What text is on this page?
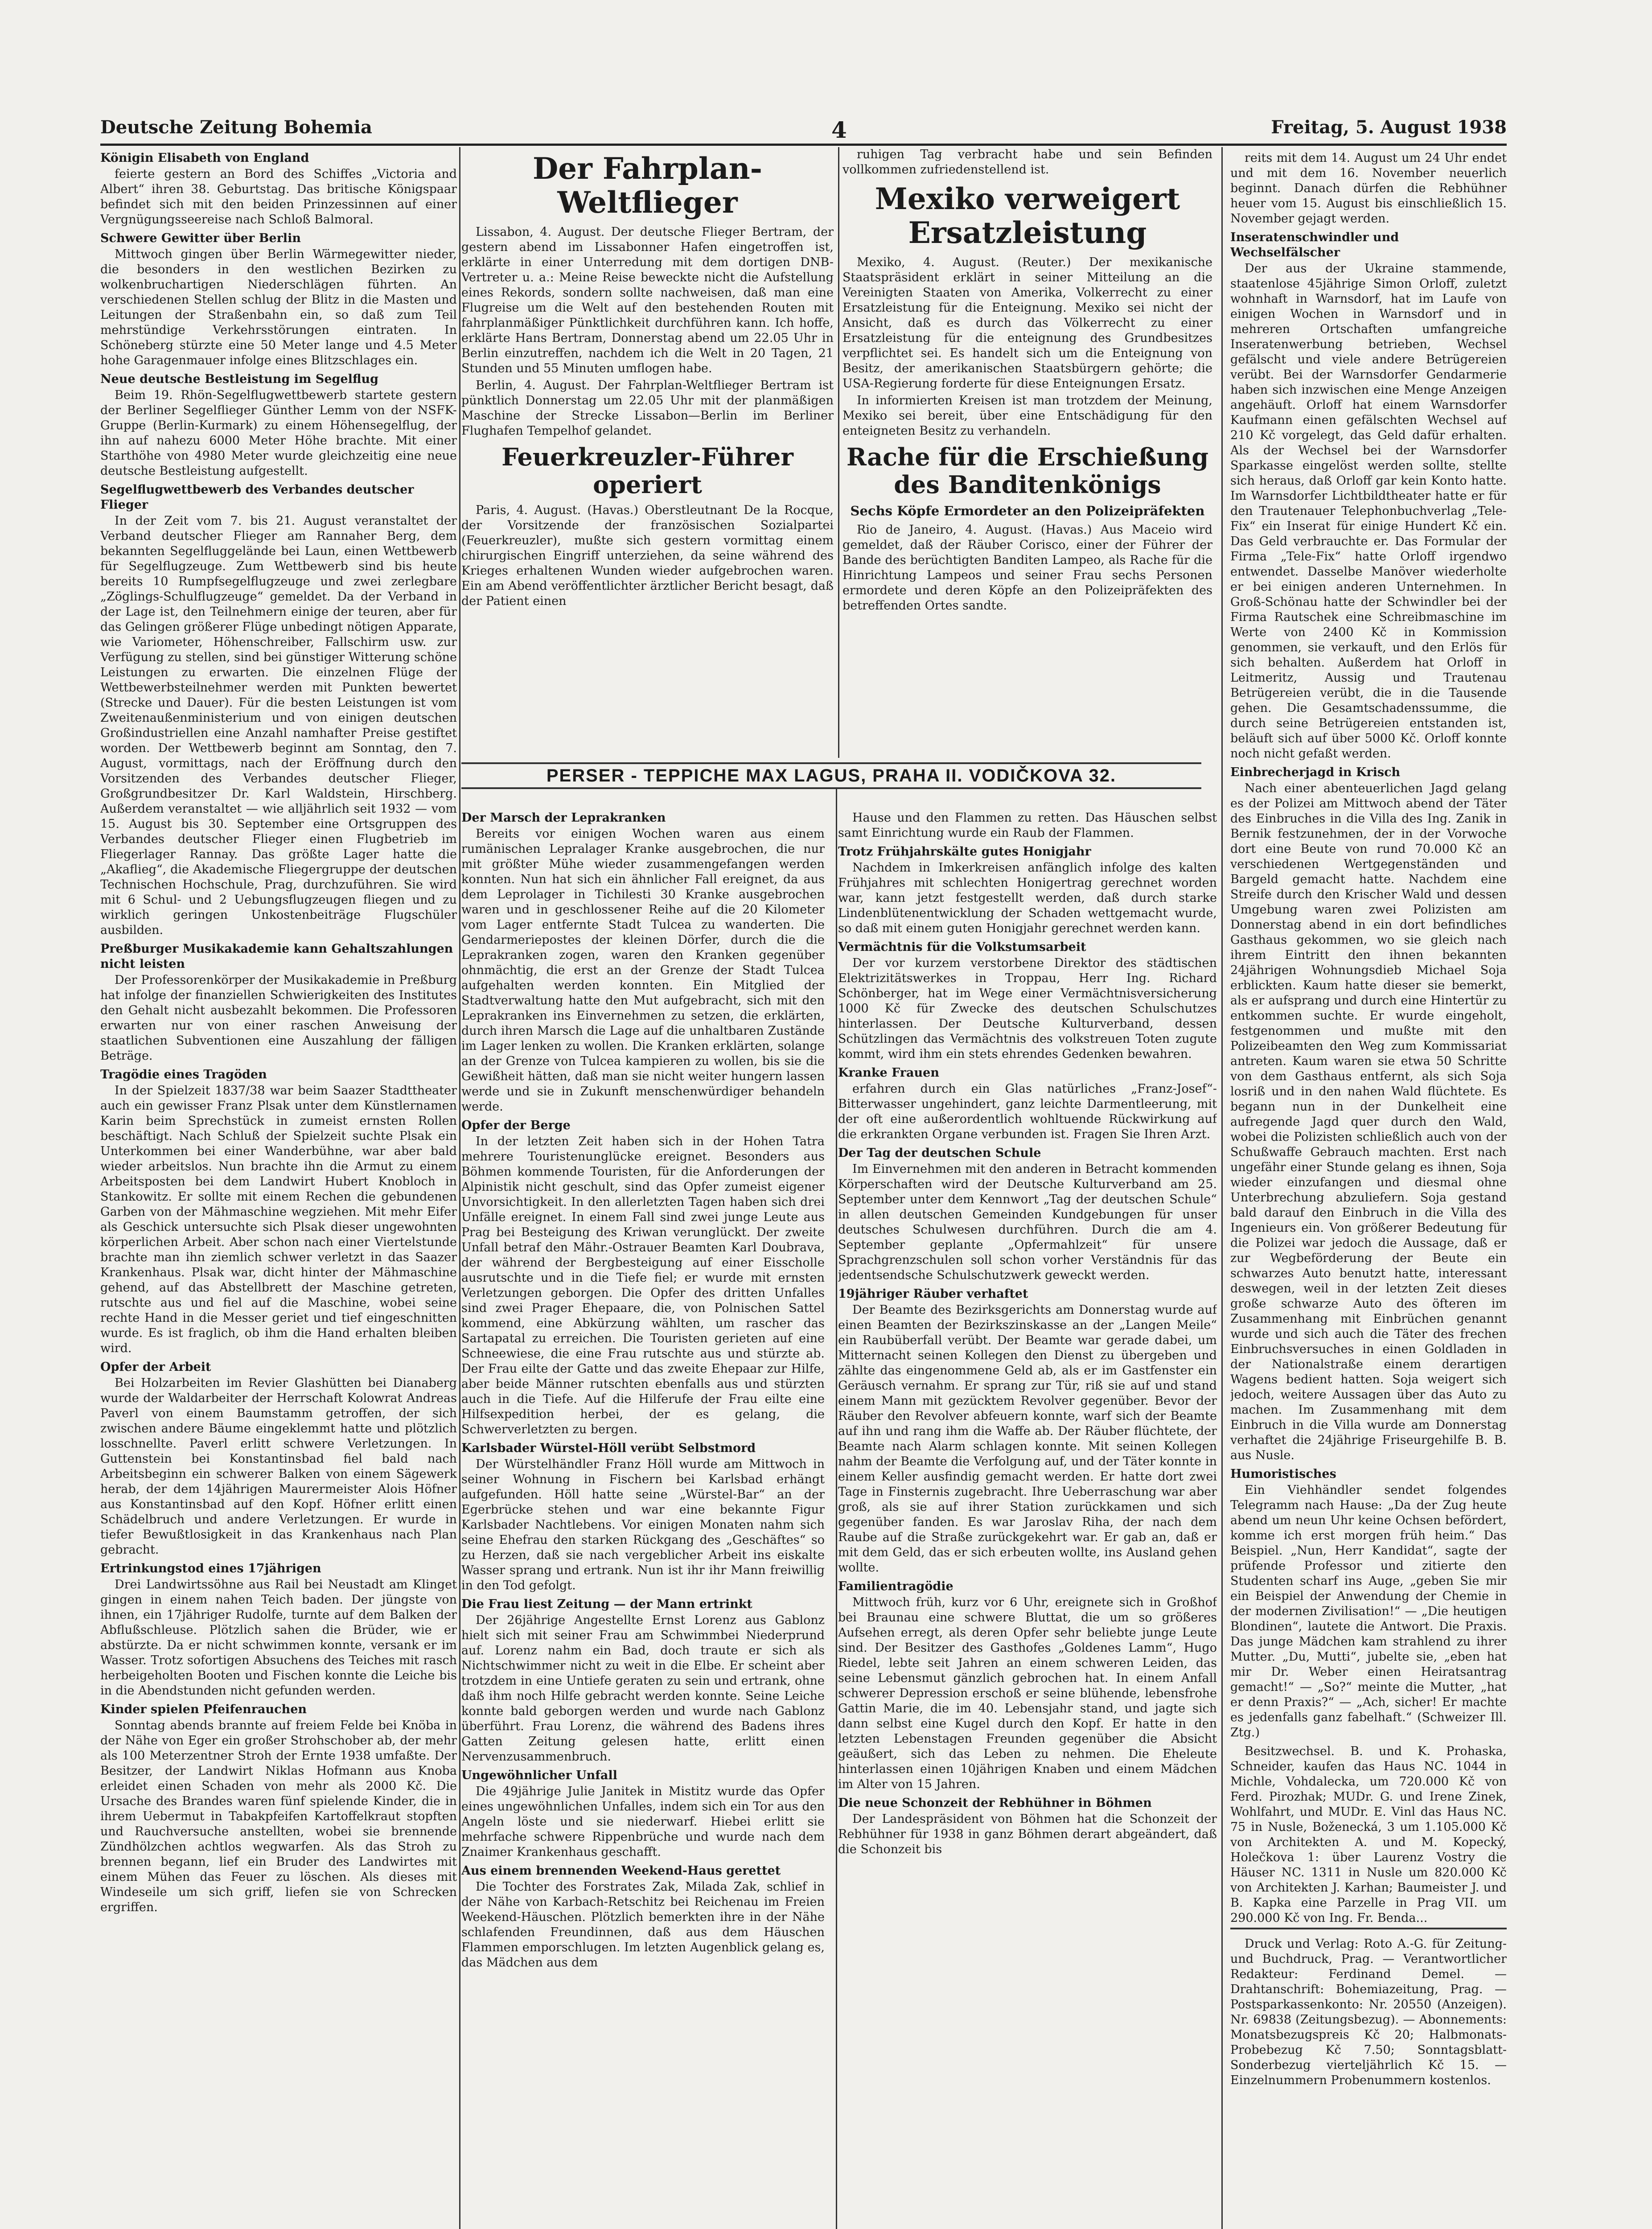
Deutsche Zeitung Bohemia	4	Freitag, 5. August 1938
Königin Elisabeth von England

feierte gestern an Bord des Schiffes „Victoria and Albert“ ihren 38. Geburtstag. Das britische Königspaar befindet sich mit den beiden Prinzessinnen auf einer Vergnügungsseereise nach Schloß Balmoral.

Schwere Gewitter über Berlin

Mittwoch gingen über Berlin Wärmegewitter nieder, die besonders in den westlichen Bezirken zu wolkenbruchartigen Niederschlägen führten. An verschiedenen Stellen schlug der Blitz in die Masten und Leitungen der Straßenbahn ein, so daß zum Teil mehrstündige Verkehrsstörungen eintraten. In Schöneberg stürzte eine 50 Meter lange und 4.5 Meter hohe Garagenmauer infolge eines Blitzschlages ein.

Neue deutsche Bestleistung im Segelflug

Beim 19. Rhön-Segelflugwettbewerb startete gestern der Berliner Segelflieger Günther Lemm von der NSFK-Gruppe (Berlin-Kurmark) zu einem Höhensegelflug, der ihn auf nahezu 6000 Meter Höhe brachte. Mit einer Starthöhe von 4980 Meter wurde gleichzeitig eine neue deutsche Bestleistung aufgestellt.

Segelflugwettbewerb des Verbandes deutscher Flieger

In der Zeit vom 7. bis 21. August veranstaltet der Verband deutscher Flieger am Rannaher Berg, dem bekannten Segelfluggelände bei Laun, einen Wettbewerb für Segelflugzeuge. Zum Wettbewerb sind bis heute bereits 10 Rumpfsegelflugzeuge und zwei zerlegbare „Zöglings-Schulflugzeuge“ gemeldet. Da der Verband in der Lage ist, den Teilnehmern einige der teuren, aber für das Gelingen größerer Flüge unbedingt nötigen Apparate, wie Variometer, Höhenschreiber, Fallschirm usw. zur Verfügung zu stellen, sind bei günstiger Witterung schöne Leistungen zu erwarten. Die einzelnen Flüge der Wettbewerbsteilnehmer werden mit Punkten bewertet (Strecke und Dauer). Für die besten Leistungen ist vom Zweitenaußenministerium und von einigen deutschen Großindustriellen eine Anzahl namhafter Preise gestiftet worden. Der Wettbewerb beginnt am Sonntag, den 7. August, vormittags, nach der Eröffnung durch den Vorsitzenden des Verbandes deutscher Flieger, Großgrundbesitzer Dr. Karl Waldstein, Hirschberg. Außerdem veranstaltet — wie alljährlich seit 1932 — vom 15. August bis 30. September eine Ortsgruppen des Verbandes deutscher Flieger einen Flugbetrieb im Fliegerlager Rannay. Das größte Lager hatte die „Akaflieg“, die Akademische Fliegergruppe der deutschen Technischen Hochschule, Prag, durchzuführen. Sie wird mit 6 Schul- und 2 Uebungsflugzeugen fliegen und zu wirklich geringen Unkostenbeiträge Flugschüler ausbilden.

Preßburger Musikakademie kann Gehaltszahlungen nicht leisten

Der Professorenkörper der Musikakademie in Preßburg hat infolge der finanziellen Schwierigkeiten des Institutes den Gehalt nicht ausbezahlt bekommen. Die Professoren erwarten nur von einer raschen Anweisung der staatlichen Subventionen eine Auszahlung der fälligen Beträge.

Tragödie eines Tragöden

In der Spielzeit 1837/38 war beim Saazer Stadttheater auch ein gewisser Franz Plsak unter dem Künstlernamen Karin beim Sprechstück in zumeist ernsten Rollen beschäftigt. Nach Schluß der Spielzeit suchte Plsak ein Unterkommen bei einer Wanderbühne, war aber bald wieder arbeitslos. Nun brachte ihn die Armut zu einem Arbeitsposten bei dem Landwirt Hubert Knobloch in Stankowitz. Er sollte mit einem Rechen die gebundenen Garben von der Mähmaschine wegziehen. Mit mehr Eifer als Geschick untersuchte sich Plsak dieser ungewohnten körperlichen Arbeit. Aber schon nach einer Viertelstunde brachte man ihn ziemlich schwer verletzt in das Saazer Krankenhaus. Plsak war, dicht hinter der Mähmaschine gehend, auf das Abstellbrett der Maschine getreten, rutschte aus und fiel auf die Maschine, wobei seine rechte Hand in die Messer geriet und tief eingeschnitten wurde. Es ist fraglich, ob ihm die Hand erhalten bleiben wird.

Opfer der Arbeit

Bei Holzarbeiten im Revier Glashütten bei Dianaberg wurde der Waldarbeiter der Herrschaft Kolowrat Andreas Paverl von einem Baumstamm getroffen, der sich zwischen andere Bäume eingeklemmt hatte und plötzlich losschnellte. Paverl erlitt schwere Verletzungen. In Guttenstein bei Konstantinsbad fiel bald nach Arbeitsbeginn ein schwerer Balken von einem Sägewerk herab, der dem 14jährigen Maurermeister Alois Höfner aus Konstantinsbad auf den Kopf. Höfner erlitt einen Schädelbruch und andere Verletzungen. Er wurde in tiefer Bewußtlosigkeit in das Krankenhaus nach Plan gebracht.

Ertrinkungstod eines 17jährigen

Drei Landwirtssöhne aus Rail bei Neustadt am Klinget gingen in einem nahen Teich baden. Der jüngste von ihnen, ein 17jähriger Rudolfe, turnte auf dem Balken der Abflußschleuse. Plötzlich sahen die Brüder, wie er abstürzte. Da er nicht schwimmen konnte, versank er im Wasser. Trotz sofortigen Absuchens des Teiches mit rasch herbeigeholten Booten und Fischen konnte die Leiche bis in die Abendstunden nicht gefunden werden.

Kinder spielen Pfeifenrauchen

Sonntag abends brannte auf freiem Felde bei Knöba in der Nähe von Eger ein großer Strohschober ab, der mehr als 100 Meterzentner Stroh der Ernte 1938 umfaßte. Der Besitzer, der Landwirt Niklas Hofmann aus Knoba erleidet einen Schaden von mehr als 2000 Kč. Die Ursache des Brandes waren fünf spielende Kinder, die in ihrem Uebermut in Tabakpfeifen Kartoffelkraut stopften und Rauchversuche anstellten, wobei sie brennende Zündhölzchen achtlos wegwarfen. Als das Stroh zu brennen begann, lief ein Bruder des Landwirtes mit einem Mühen das Feuer zu löschen. Als dieses mit Windeseile um sich griff, liefen sie von Schrecken ergriffen.

Der Fahrplan-Weltflieger

Lissabon, 4. August. Der deutsche Flieger Bertram, der gestern abend im Lissabonner Hafen eingetroffen ist, erklärte in einer Unterredung mit dem dortigen DNB-Vertreter u. a.: Meine Reise beweckte nicht die Aufstellung eines Rekords, sondern sollte nachweisen, daß man eine Flugreise um die Welt auf den bestehenden Routen mit fahrplanmäßiger Pünktlichkeit durchführen kann. Ich hoffe, erklärte Hans Bertram, Donnerstag abend um 22.05 Uhr in Berlin einzutreffen, nachdem ich die Welt in 20 Tagen, 21 Stunden und 55 Minuten umflogen habe.

Berlin, 4. August. Der Fahrplan-Weltflieger Bertram ist pünktlich Donnerstag um 22.05 Uhr mit der planmäßigen Maschine der Strecke Lissabon—Berlin im Berliner Flughafen Tempelhof gelandet.

Feuerkreuzler-Führer operiert

Paris, 4. August. (Havas.) Oberstleutnant De la Rocque, der Vorsitzende der französischen Sozialpartei (Feuerkreuzler), mußte sich gestern vormittag einem chirurgischen Eingriff unterziehen, da seine während des Krieges erhaltenen Wunden wieder aufgebrochen waren. Ein am Abend veröffentlichter ärztlicher Bericht besagt, daß der Patient einen

ruhigen Tag verbracht habe und sein Befinden vollkommen zufriedenstellend ist.

Mexiko verweigert Ersatzleistung

Mexiko, 4. August. (Reuter.) Der mexikanische Staatspräsident erklärt in seiner Mitteilung an die Vereinigten Staaten von Amerika, Volkerrecht zu einer Ersatzleistung für die Enteignung. Mexiko sei nicht der Ansicht, daß es durch das Völkerrecht zu einer Ersatzleistung für die enteignung des Grundbesitzes verpflichtet sei. Es handelt sich um die Enteignung von Besitz, der amerikanischen Staatsbürgern gehörte; die USA-Regierung forderte für diese Enteignungen Ersatz.

In informierten Kreisen ist man trotzdem der Meinung, Mexiko sei bereit, über eine Entschädigung für den enteigneten Besitz zu verhandeln.

Rache für die Erschießung des Banditenkönigs
Sechs Köpfe Ermordeter an den Polizeipräfekten

Rio de Janeiro, 4. August. (Havas.) Aus Maceio wird gemeldet, daß der Räuber Corisco, einer der Führer der Bande des berüchtigten Banditen Lampeo, als Rache für die Hinrichtung Lampeos und seiner Frau sechs Personen ermordete und deren Köpfe an den Polizeipräfekten des betreffenden Ortes sandte.

PERSER - TEPPICHE MAX LAGUS, PRAHA II. VODIČKOVA 32.
Der Marsch der Leprakranken

Bereits vor einigen Wochen waren aus einem rumänischen Lepralager Kranke ausgebrochen, die nur mit größter Mühe wieder zusammengefangen werden konnten. Nun hat sich ein ähnlicher Fall ereignet, da aus dem Leprolager in Tichilesti 30 Kranke ausgebrochen waren und in geschlossener Reihe auf die 20 Kilometer vom Lager entfernte Stadt Tulcea zu wanderten. Die Gendarmeriepostes der kleinen Dörfer, durch die die Leprakranken zogen, waren den Kranken gegenüber ohnmächtig, die erst an der Grenze der Stadt Tulcea aufgehalten werden konnten. Ein Mitglied der Stadtverwaltung hatte den Mut aufgebracht, sich mit den Leprakranken ins Einvernehmen zu setzen, die erklärten, durch ihren Marsch die Lage auf die unhaltbaren Zustände im Lager lenken zu wollen. Die Kranken erklärten, solange an der Grenze von Tulcea kampieren zu wollen, bis sie die Gewißheit hätten, daß man sie nicht weiter hungern lassen werde und sie in Zukunft menschenwürdiger behandeln werde.

Opfer der Berge

In der letzten Zeit haben sich in der Hohen Tatra mehrere Touristenunglücke ereignet. Besonders aus Böhmen kommende Touristen, für die Anforderungen der Alpinistik nicht geschult, sind das Opfer zumeist eigener Unvorsichtigkeit. In den allerletzten Tagen haben sich drei Unfälle ereignet. In einem Fall sind zwei junge Leute aus Prag bei Besteigung des Kriwan verunglückt. Der zweite Unfall betraf den Mähr.-Ostrauer Beamten Karl Doubrava, der während der Bergbesteigung auf einer Eisscholle ausrutschte und in die Tiefe fiel; er wurde mit ernsten Verletzungen geborgen. Die Opfer des dritten Unfalles sind zwei Prager Ehepaare, die, von Polnischen Sattel kommend, eine Abkürzung wählten, um rascher das Sartapatal zu erreichen. Die Touristen gerieten auf eine Schneewiese, die eine Frau rutschte aus und stürzte ab. Der Frau eilte der Gatte und das zweite Ehepaar zur Hilfe, aber beide Männer rutschten ebenfalls aus und stürzten auch in die Tiefe. Auf die Hilferufe der Frau eilte eine Hilfsexpedition herbei, der es gelang, die Schwerverletzten zu bergen.

Karlsbader Würstel-Höll verübt Selbstmord

Der Würstelhändler Franz Höll wurde am Mittwoch in seiner Wohnung in Fischern bei Karlsbad erhängt aufgefunden. Höll hatte seine „Würstel-Bar“ an der Egerbrücke stehen und war eine bekannte Figur Karlsbader Nachtlebens. Vor einigen Monaten nahm sich seine Ehefrau den starken Rückgang des „Geschäftes“ so zu Herzen, daß sie nach vergeblicher Arbeit ins eiskalte Wasser sprang und ertrank. Nun ist ihr ihr Mann freiwillig in den Tod gefolgt.

Die Frau liest Zeitung — der Mann ertrinkt

Der 26jährige Angestellte Ernst Lorenz aus Gablonz hielt sich mit seiner Frau am Schwimmbei Niederprund auf. Lorenz nahm ein Bad, doch traute er sich als Nichtschwimmer nicht zu weit in die Elbe. Er scheint aber trotzdem in eine Untiefe geraten zu sein und ertrank, ohne daß ihm noch Hilfe gebracht werden konnte. Seine Leiche konnte bald geborgen werden und wurde nach Gablonz überführt. Frau Lorenz, die während des Badens ihres Gatten Zeitung gelesen hatte, erlitt einen Nervenzusammenbruch.

Ungewöhnlicher Unfall

Die 49jährige Julie Janitek in Mistitz wurde das Opfer eines ungewöhnlichen Unfalles, indem sich ein Tor aus den Angeln löste und sie niederwarf. Hiebei erlitt sie mehrfache schwere Rippenbrüche und wurde nach dem Znaimer Krankenhaus geschafft.

Aus einem brennenden Weekend-Haus gerettet

Die Tochter des Forstrates Zak, Milada Zak, schlief in der Nähe von Karbach-Retschitz bei Reichenau im Freien Weekend-Häuschen. Plötzlich bemerkten ihre in der Nähe schlafenden Freundinnen, daß aus dem Häuschen Flammen emporschlugen. Im letzten Augenblick gelang es, das Mädchen aus dem

Hause und den Flammen zu retten. Das Häuschen selbst samt Einrichtung wurde ein Raub der Flammen.

Trotz Frühjahrskälte gutes Honigjahr

Nachdem in Imkerkreisen anfänglich infolge des kalten Frühjahres mit schlechten Honigertrag gerechnet worden war, kann jetzt festgestellt werden, daß durch starke Lindenblütenentwicklung der Schaden wettgemacht wurde, so daß mit einem guten Honigjahr gerechnet werden kann.

Vermächtnis für die Volkstumsarbeit

Der vor kurzem verstorbene Direktor des städtischen Elektrizitätswerkes in Troppau, Herr Ing. Richard Schönberger, hat im Wege einer Vermächtnisversicherung 1000 Kč für Zwecke des deutschen Schulschutzes hinterlassen. Der Deutsche Kulturverband, dessen Schützlingen das Vermächtnis des volkstreuen Toten zugute kommt, wird ihm ein stets ehrendes Gedenken bewahren.

Kranke Frauen

erfahren durch ein Glas natürliches „Franz-Josef“-Bitterwasser ungehindert, ganz leichte Darmentleerung, mit der oft eine außerordentlich wohltuende Rückwirkung auf die erkrankten Organe verbunden ist. Fragen Sie Ihren Arzt.

Der Tag der deutschen Schule

Im Einvernehmen mit den anderen in Betracht kommenden Körperschaften wird der Deutsche Kulturverband am 25. September unter dem Kennwort „Tag der deutschen Schule“ in allen deutschen Gemeinden Kundgebungen für unser deutsches Schulwesen durchführen. Durch die am 4. September geplante „Opfermahlzeit“ für unsere Sprachgrenzschulen soll schon vorher Verständnis für das jedentsendsche Schulschutzwerk geweckt werden.

19jähriger Räuber verhaftet

Der Beamte des Bezirksgerichts am Donnerstag wurde auf einen Beamten der Bezirkszinskasse an der „Langen Meile“ ein Raubüberfall verübt. Der Beamte war gerade dabei, um Mitternacht seinen Kollegen den Dienst zu übergeben und zählte das eingenommene Geld ab, als er im Gastfenster ein Geräusch vernahm. Er sprang zur Tür, riß sie auf und stand einem Mann mit gezücktem Revolver gegenüber. Bevor der Räuber den Revolver abfeuern konnte, warf sich der Beamte auf ihn und rang ihm die Waffe ab. Der Räuber flüchtete, der Beamte nach Alarm schlagen konnte. Mit seinen Kollegen nahm der Beamte die Verfolgung auf, und der Täter konnte in einem Keller ausfindig gemacht werden. Er hatte dort zwei Tage in Finsternis zugebracht. Ihre Ueberraschung war aber groß, als sie auf ihrer Station zurückkamen und sich gegenüber fanden. Es war Jaroslav Riha, der nach dem Raube auf die Straße zurückgekehrt war. Er gab an, daß er mit dem Geld, das er sich erbeuten wollte, ins Ausland gehen wollte.

Familientragödie

Mittwoch früh, kurz vor 6 Uhr, ereignete sich in Großhof bei Braunau eine schwere Bluttat, die um so größeres Aufsehen erregt, als deren Opfer sehr beliebte junge Leute sind. Der Besitzer des Gasthofes „Goldenes Lamm“, Hugo Riedel, lebte seit Jahren an einem schweren Leiden, das seine Lebensmut gänzlich gebrochen hat. In einem Anfall schwerer Depression erschoß er seine blühende, lebensfrohe Gattin Marie, die im 40. Lebensjahr stand, und jagte sich dann selbst eine Kugel durch den Kopf. Er hatte in den letzten Lebenstagen Freunden gegenüber die Absicht geäußert, sich das Leben zu nehmen. Die Eheleute hinterlassen einen 10jährigen Knaben und einem Mädchen im Alter von 15 Jahren.

Die neue Schonzeit der Rebhühner in Böhmen

Der Landespräsident von Böhmen hat die Schonzeit der Rebhühner für 1938 in ganz Böhmen derart abgeändert, daß die Schonzeit bis

reits mit dem 14. August um 24 Uhr endet und mit dem 16. November neuerlich beginnt. Danach dürfen die Rebhühner heuer vom 15. August bis einschließlich 15. November gejagt werden.

Inseratenschwindler und Wechselfälscher

Der aus der Ukraine stammende, staatenlose 45jährige Simon Orloff, zuletzt wohnhaft in Warnsdorf, hat im Laufe von einigen Wochen in Warnsdorf und in mehreren Ortschaften umfangreiche Inseratenwerbung betrieben, Wechsel gefälscht und viele andere Betrügereien verübt. Bei der Warnsdorfer Gendarmerie haben sich inzwischen eine Menge Anzeigen angehäuft. Orloff hat einem Warnsdorfer Kaufmann einen gefälschten Wechsel auf 210 Kč vorgelegt, das Geld dafür erhalten. Als der Wechsel bei der Warnsdorfer Sparkasse eingelöst werden sollte, stellte sich heraus, daß Orloff gar kein Konto hatte. Im Warnsdorfer Lichtbildtheater hatte er für den Trautenauer Telephonbuchverlag „Tele-Fix“ ein Inserat für einige Hundert Kč ein. Das Geld verbrauchte er. Das Formular der Firma „Tele-Fix“ hatte Orloff irgendwo entwendet. Dasselbe Manöver wiederholte er bei einigen anderen Unternehmen. In Groß-Schönau hatte der Schwindler bei der Firma Rautschek eine Schreibmaschine im Werte von 2400 Kč in Kommission genommen, sie verkauft, und den Erlös für sich behalten. Außerdem hat Orloff in Leitmeritz, Aussig und Trautenau Betrügereien verübt, die in die Tausende gehen. Die Gesamtschadenssumme, die durch seine Betrügereien entstanden ist, beläuft sich auf über 5000 Kč. Orloff konnte noch nicht gefaßt werden.

Einbrecherjagd in Krisch

Nach einer abenteuerlichen Jagd gelang es der Polizei am Mittwoch abend der Täter des Einbruches in die Villa des Ing. Zanik in Bernik festzunehmen, der in der Vorwoche dort eine Beute von rund 70.000 Kč an verschiedenen Wertgegenständen und Bargeld gemacht hatte. Nachdem eine Streife durch den Krischer Wald und dessen Umgebung waren zwei Polizisten am Donnerstag abend in ein dort befindliches Gasthaus gekommen, wo sie gleich nach ihrem Eintritt den ihnen bekannten 24jährigen Wohnungsdieb Michael Soja erblickten. Kaum hatte dieser sie bemerkt, als er aufsprang und durch eine Hintertür zu entkommen suchte. Er wurde eingeholt, festgenommen und mußte mit den Polizeibeamten den Weg zum Kommissariat antreten. Kaum waren sie etwa 50 Schritte von dem Gasthaus entfernt, als sich Soja losriß und in den nahen Wald flüchtete. Es begann nun in der Dunkelheit eine aufregende Jagd quer durch den Wald, wobei die Polizisten schließlich auch von der Schußwaffe Gebrauch machten. Erst nach ungefähr einer Stunde gelang es ihnen, Soja wieder einzufangen und diesmal ohne Unterbrechung abzuliefern. Soja gestand bald darauf den Einbruch in die Villa des Ingenieurs ein. Von größerer Bedeutung für die Polizei war jedoch die Aussage, daß er zur Wegbeförderung der Beute ein schwarzes Auto benutzt hatte, interessant deswegen, weil in der letzten Zeit dieses große schwarze Auto des öfteren im Zusammenhang mit Einbrüchen genannt wurde und sich auch die Täter des frechen Einbruchsversuches in einen Goldladen in der Nationalstraße einem derartigen Wagens bedient hatten. Soja weigert sich jedoch, weitere Aussagen über das Auto zu machen. Im Zusammenhang mit dem Einbruch in die Villa wurde am Donnerstag verhaftet die 24jährige Friseurgehilfe B. B. aus Nusle.

Humoristisches

Ein Viehhändler sendet folgendes Telegramm nach Hause: „Da der Zug heute abend um neun Uhr keine Ochsen befördert, komme ich erst morgen früh heim.“ Das Beispiel. „Nun, Herr Kandidat“, sagte der prüfende Professor und zitierte den Studenten scharf ins Auge, „geben Sie mir ein Beispiel der Anwendung der Chemie in der modernen Zivilisation!“ — „Die heutigen Blondinen“, lautete die Antwort. Die Praxis. Das junge Mädchen kam strahlend zu ihrer Mutter. „Du, Mutti“, jubelte sie, „eben hat mir Dr. Weber einen Heiratsantrag gemacht!“ — „So?“ meinte die Mutter, „hat er denn Praxis?“ — „Ach, sicher! Er machte es jedenfalls ganz fabelhaft.“ (Schweizer Ill. Ztg.)

Besitzwechsel. B. und K. Prohaska, Schneider, kaufen das Haus NC. 1044 in Michle, Vohdalecka, um 720.000 Kč von Ferd. Pirozhak; MUDr. G. und Irene Zinek, Wohlfahrt, und MUDr. E. Vinl das Haus NC. 75 in Nusle, Boženecká, 3 um 1.105.000 Kč von Architekten A. und M. Kopecký, Holečkova 1: über Laurenz Vostry die Häuser NC. 1311 in Nusle um 820.000 Kč von Architekten J. Karhan; Baumeister J. und B. Kapka eine Parzelle in Prag VII. um 290.000 Kč von Ing. Fr. Benda...

Druck und Verlag: Roto A.-G. für Zeitung- und Buchdruck, Prag. — Verantwortlicher Redakteur: Ferdinand Demel. — Drahtanschrift: Bohemiazeitung, Prag. — Postsparkassenkonto: Nr. 20550 (Anzeigen). Nr. 69838 (Zeitungsbezug). — Abonnements: Monatsbezugspreis Kč 20; Halbmonats-Probebezug Kč 7.50; Sonntagsblatt-Sonderbezug vierteljährlich Kč 15. — Einzelnummern Probenummern kostenlos.
